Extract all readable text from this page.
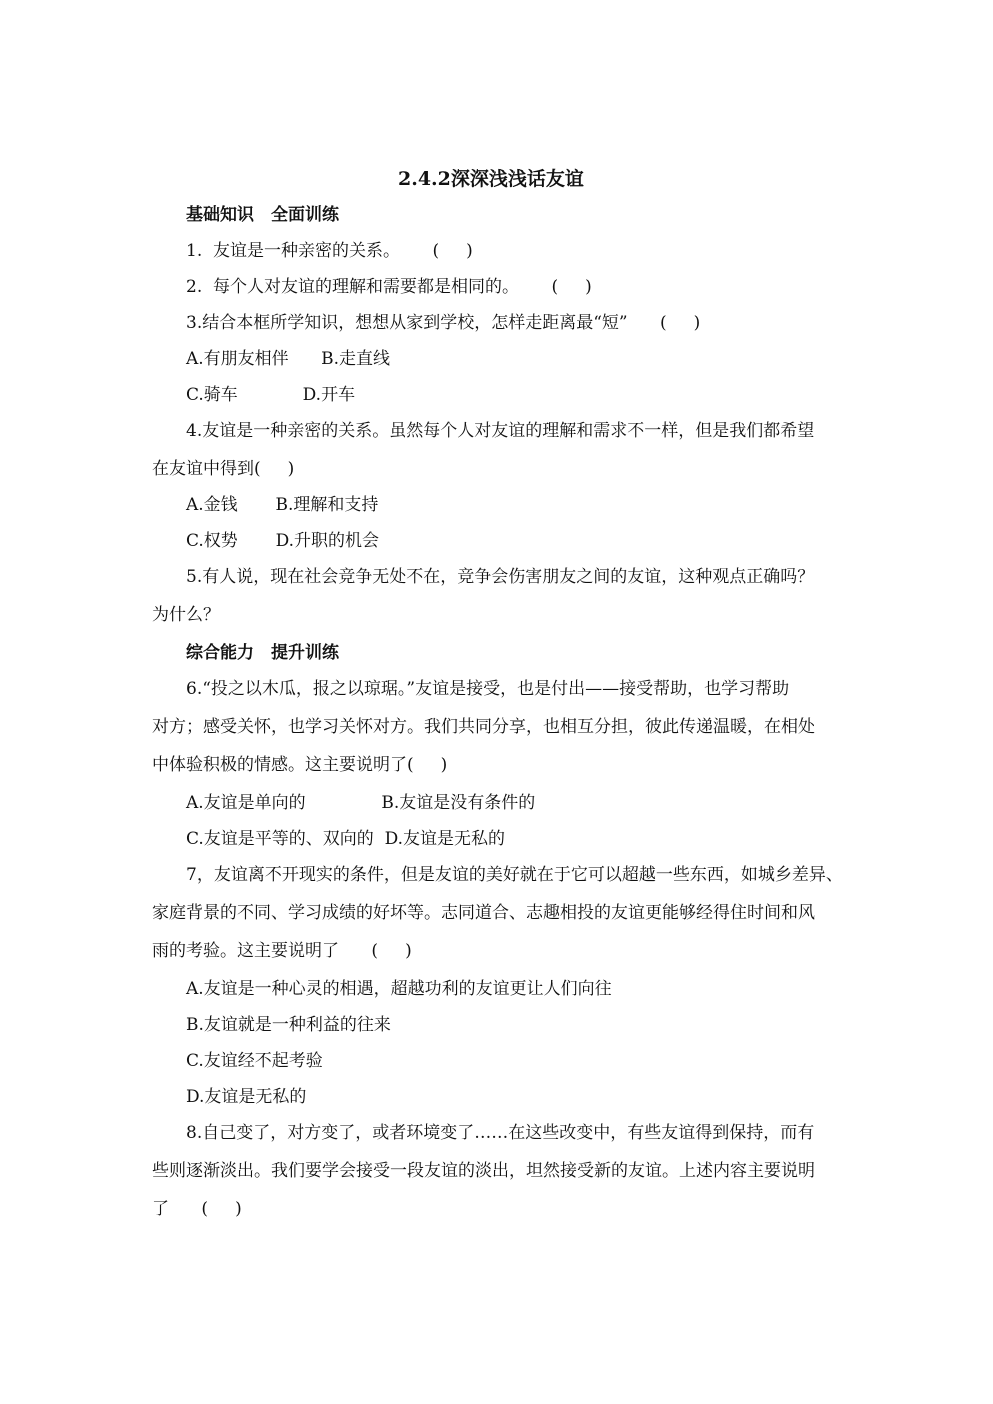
2.4.2深深浅浅话友谊

基础知识　全面训练

1.  友谊是一种亲密的关系。      (     )

2.  每个人对友谊的理解和需要都是相同的。      (     )

3.结合本框所学知识，想想从家到学校，怎样走距离最“短”      (     )

A.有朋友相伴      B.走直线

C.骑车            D.开车

4.友谊是一种亲密的关系。虽然每个人对友谊的理解和需求不一样，但是我们都希望

在友谊中得到(     )

A.金钱       B.理解和支持

C.权势       D.升职的机会

5.有人说，现在社会竞争无处不在，竞争会伤害朋友之间的友谊，这种观点正确吗？

为什么？

综合能力　提升训练

6.“投之以木瓜，报之以琼琚。”友谊是接受，也是付出——接受帮助，也学习帮助

对方；感受关怀，也学习关怀对方。我们共同分享，也相互分担，彼此传递温暖，在相处

中体验积极的情感。这主要说明了(     )

A.友谊是单向的              B.友谊是没有条件的

C.友谊是平等的、双向的  D.友谊是无私的

7，友谊离不开现实的条件，但是友谊的美好就在于它可以超越一些东西，如城乡差异、

家庭背景的不同、学习成绩的好坏等。志同道合、志趣相投的友谊更能够经得住时间和风

雨的考验。这主要说明了      (     )

A.友谊是一种心灵的相遇，超越功利的友谊更让人们向往

B.友谊就是一种利益的往来

C.友谊经不起考验

D.友谊是无私的

8.自己变了，对方变了，或者环境变了……在这些改变中，有些友谊得到保持，而有

些则逐渐淡出。我们要学会接受一段友谊的淡出，坦然接受新的友谊。上述内容主要说明

了      (     )
